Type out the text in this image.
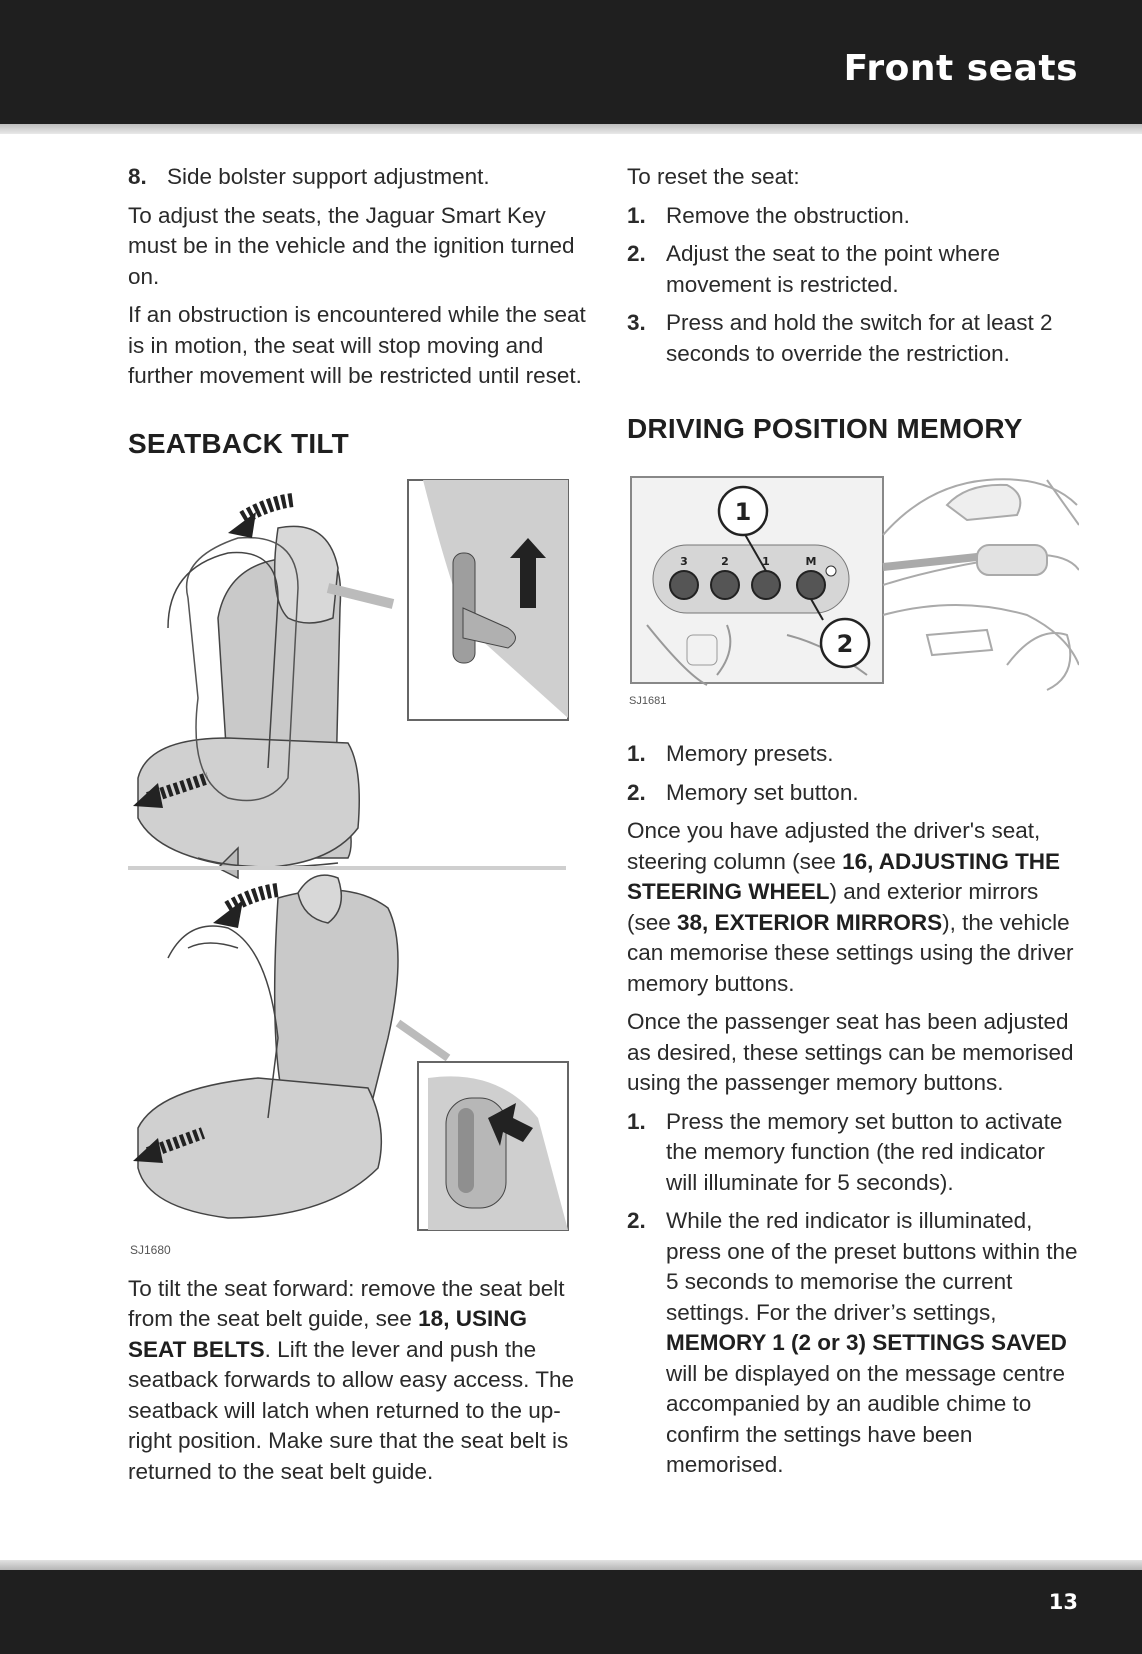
Front seats
8. Side bolster support adjustment.

To adjust the seats, the Jaguar Smart Key must be in the vehicle and the ignition turned on.

If an obstruction is encountered while the seat is in motion, the seat will stop moving and further movement will be restricted until reset.

SEATBACK TILT
SJ1680

To tilt the seat forward: remove the seat belt from the seat belt guide, see 18, USING SEAT BELTS. Lift the lever and push the seatback forwards to allow easy access. The seatback will latch when returned to the up-right position. Make sure that the seat belt is returned to the seat belt guide.

To reset the seat:

1. Remove the obstruction.
2. Adjust the seat to the point where movement is restricted.
3. Press and hold the switch for at least 2 seconds to override the restriction.
DRIVING POSITION MEMORY
3	2	1	M
1
2
SJ1681
1. Memory presets.
2. Memory set button.

Once you have adjusted the driver's seat, steering column (see 16, ADJUSTING THE STEERING WHEEL) and exterior mirrors (see 38, EXTERIOR MIRRORS), the vehicle can memorise these settings using the driver memory buttons.

Once the passenger seat has been adjusted as desired, these settings can be memorised using the passenger memory buttons.

1. Press the memory set button to activate the memory function (the red indicator will illuminate for 5 seconds).
2. While the red indicator is illuminated, press one of the preset buttons within the 5 seconds to memorise the current settings. For the driver’s settings, MEMORY 1 (2 or 3) SETTINGS SAVED will be displayed on the message centre accompanied by an audible chime to confirm the settings have been memorised.
13
